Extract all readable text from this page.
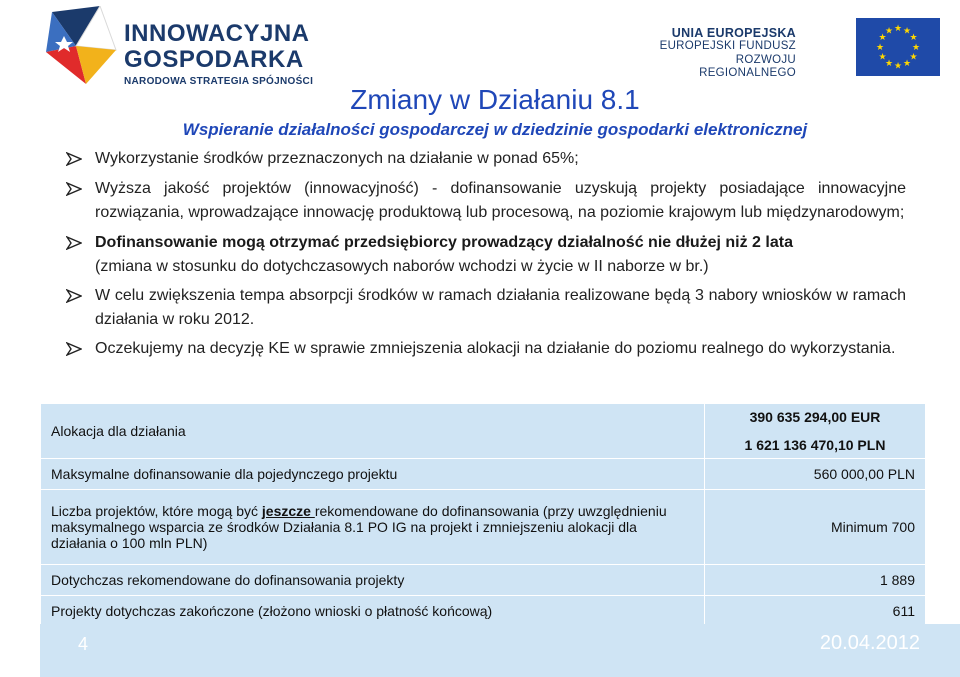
INNOWACYJNA
GOSPODARKA
NARODOWA STRATEGIA SPÓJNOŚCI
UNIA EUROPEJSKA
EUROPEJSKI FUNDUSZ
ROZWOJU REGIONALNEGO
★ ★
★
★
★
★
★
★
★
★
★
★
Zmiany w Działaniu 8.1
Wspieranie działalności gospodarczej w dziedzinie gospodarki elektronicznej
Wykorzystanie środków przeznaczonych na działanie w ponad 65%;
Wyższa jakość projektów (innowacyjność) - dofinansowanie uzyskują projekty posiadające innowacyjne rozwiązania, wprowadzające innowację produktową lub procesową, na poziomie krajowym lub międzynarodowym;
Dofinansowanie mogą otrzymać przedsiębiorcy prowadzący działalność nie dłużej niż 2 lata
(zmiana w stosunku do dotychczasowych naborów wchodzi w życie w II naborze w br.)
W celu zwiększenia tempa absorpcji środków w ramach działania realizowane będą 3 nabory wniosków w ramach działania w roku 2012.
Oczekujemy na decyzję KE w sprawie zmniejszenia alokacji na działanie do poziomu realnego do wykorzystania.
Alokacja dla działania	390 635 294,00 EUR
1 621 136 470,10 PLN

Maksymalne dofinansowanie dla pojedynczego projektu	560 000,00 PLN
Liczba projektów, które mogą być jeszcze rekomendowane do dofinansowania (przy uwzględnieniu maksymalnego wsparcia ze środków Działania 8.1 PO IG na projekt i zmniejszeniu alokacji dla działania o 100 mln PLN)	Minimum 700
Dotychczas rekomendowane do dofinansowania projekty	1 889
Projekty dotychczas zakończone (złożono wnioski o płatność końcową)	611
4	20.04.2012
